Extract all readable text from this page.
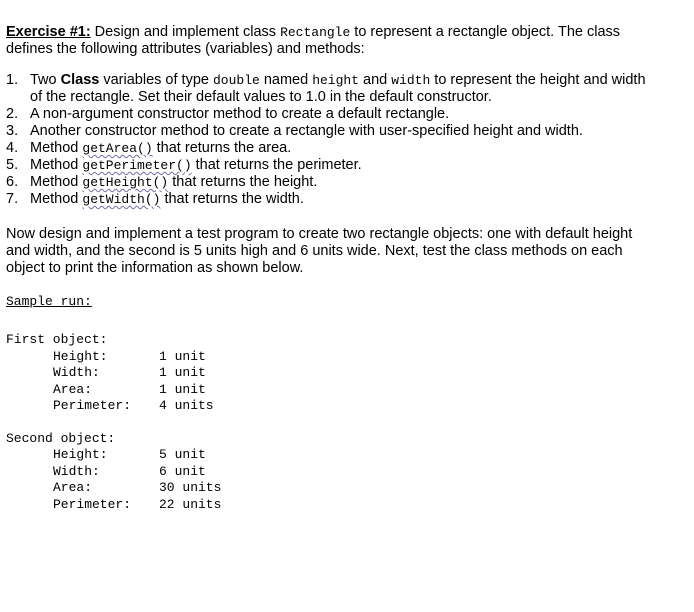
Exercise #1: Design and implement class Rectangle to represent a rectangle object. The class defines the following attributes (variables) and methods:

1. Two Class variables of type double named height and width to represent the height and width of the rectangle. Set their default values to 1.0 in the default constructor.
2. A non-argument constructor method to create a default rectangle.
3. Another constructor method to create a rectangle with user-specified height and width.
4. Method getArea() that returns the area.
5. Method getPerimeter() that returns the perimeter.
6. Method getHeight() that returns the height.
7. Method getWidth() that returns the width.

Now design and implement a test program to create two rectangle objects: one with default height and width, and the second is 5 units high and 6 units wide. Next, test the class methods on each object to print the information as shown below.

Sample run:

First object:
Height:	1 unit
Width:	1 unit
Area:	1 unit
Perimeter:	4 units
Second object:
Height:	5 unit
Width:	6 unit
Area:	30 units
Perimeter:	22 units
